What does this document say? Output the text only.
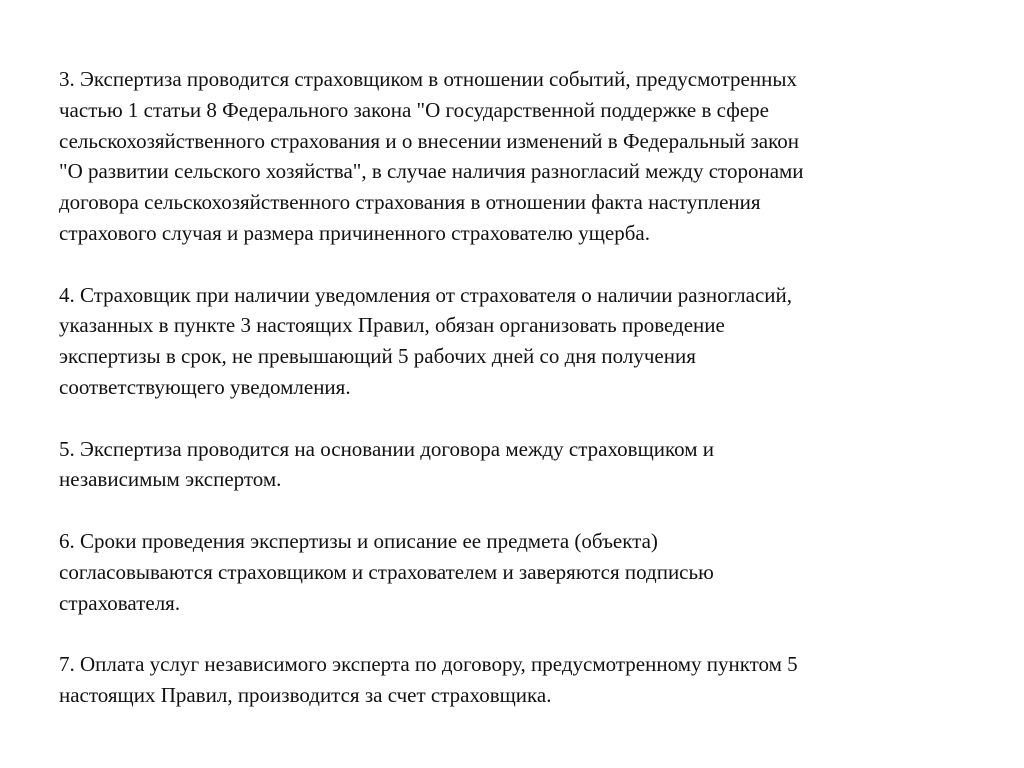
3. Экспертиза проводится страховщиком в отношении событий, предусмотренных
частью 1 статьи 8 Федерального закона "О государственной поддержке в сфере
сельскохозяйственного страхования и о внесении изменений в Федеральный закон
"О развитии сельского хозяйства", в случае наличия разногласий между сторонами
договора сельскохозяйственного страхования в отношении факта наступления
страхового случая и размера причиненного страхователю ущерба.

4. Страховщик при наличии уведомления от страхователя о наличии разногласий,
указанных в пункте 3 настоящих Правил, обязан организовать проведение
экспертизы в срок, не превышающий 5 рабочих дней со дня получения
соответствующего уведомления.

5. Экспертиза проводится на основании договора между страховщиком и
независимым экспертом.

6. Сроки проведения экспертизы и описание ее предмета (объекта)
согласовываются страховщиком и страхователем и заверяются подписью
страхователя.

7. Оплата услуг независимого эксперта по договору, предусмотренному пунктом 5
настоящих Правил, производится за счет страховщика.
